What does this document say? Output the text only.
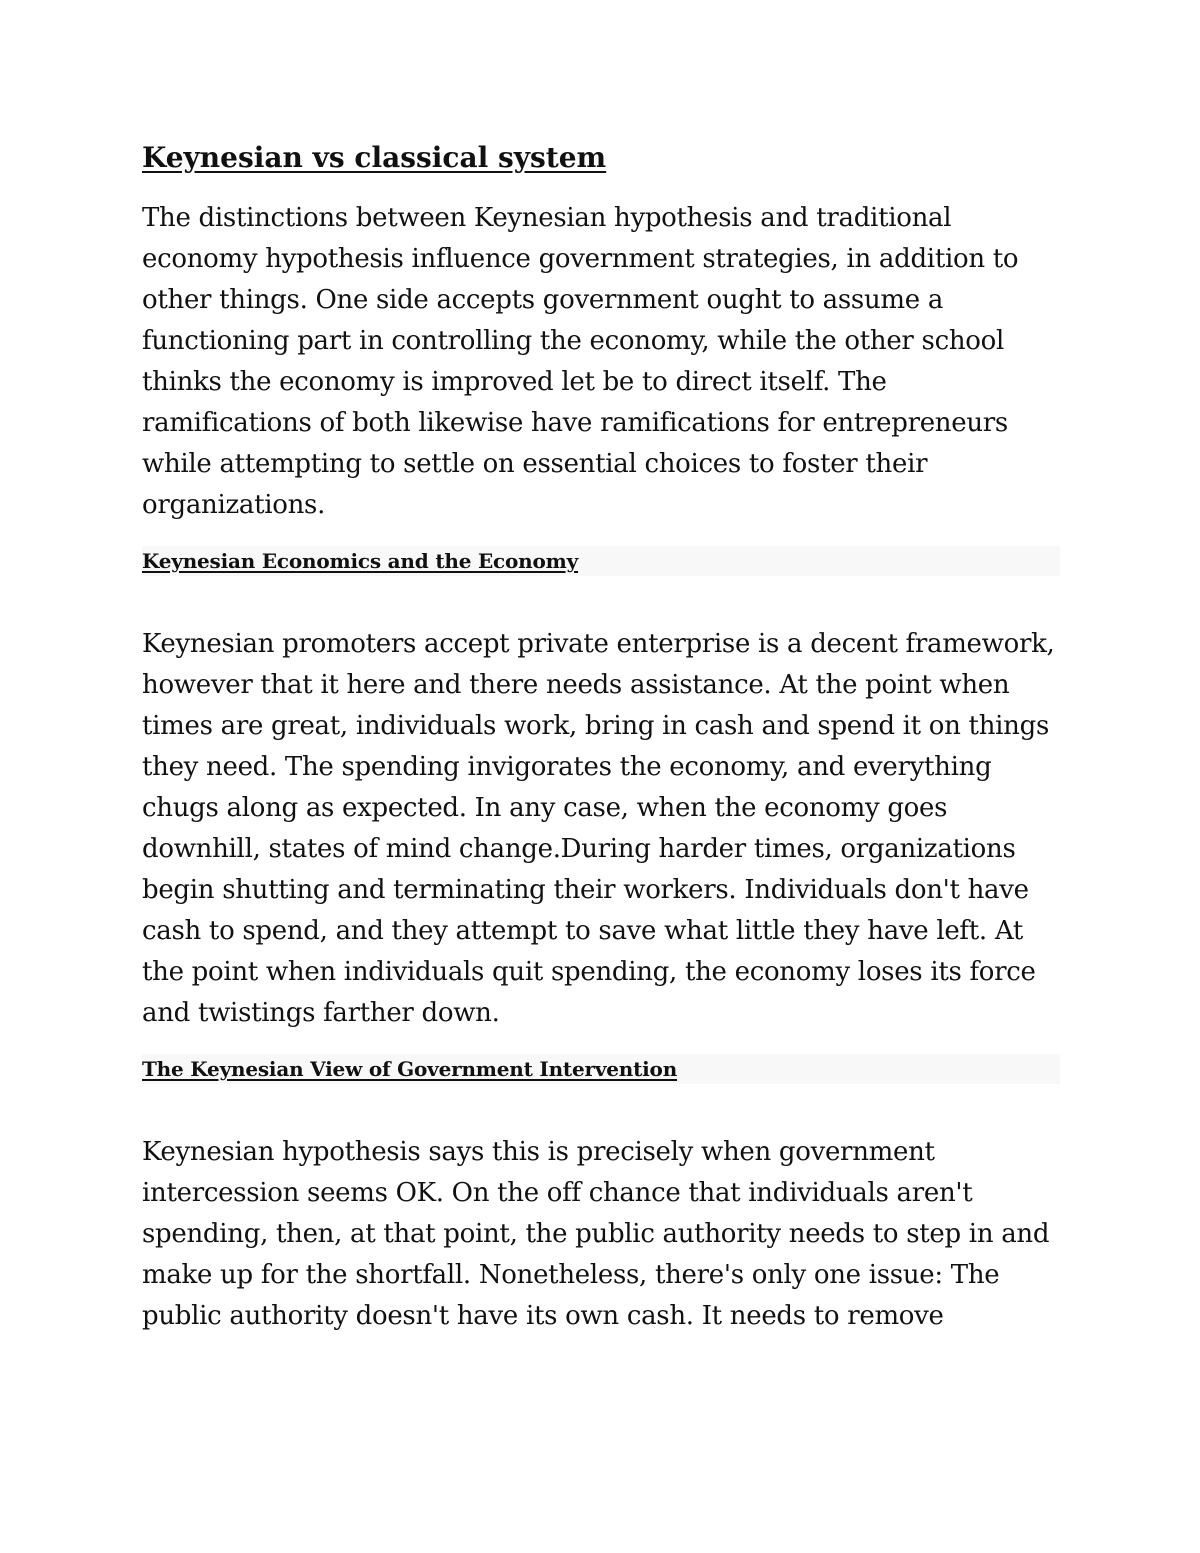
Keynesian vs classical system

The distinctions between Keynesian hypothesis and traditional economy hypothesis influence government strategies, in addition to other things. One side accepts government ought to assume a functioning part in controlling the economy, while the other school thinks the economy is improved let be to direct itself. The ramifications of both likewise have ramifications for entrepreneurs while attempting to settle on essential choices to foster their organizations.

Keynesian Economics and the Economy

Keynesian promoters accept private enterprise is a decent framework, however that it here and there needs assistance. At the point when times are great, individuals work, bring in cash and spend it on things they need. The spending invigorates the economy, and everything chugs along as expected. In any case, when the economy goes downhill, states of mind change.During harder times, organizations begin shutting and terminating their workers. Individuals don't have cash to spend, and they attempt to save what little they have left. At the point when individuals quit spending, the economy loses its force and twistings farther down.

The Keynesian View of Government Intervention

Keynesian hypothesis says this is precisely when government intercession seems OK. On the off chance that individuals aren't spending, then, at that point, the public authority needs to step in and make up for the shortfall. Nonetheless, there's only one issue: The public authority doesn't have its own cash. It needs to remove
